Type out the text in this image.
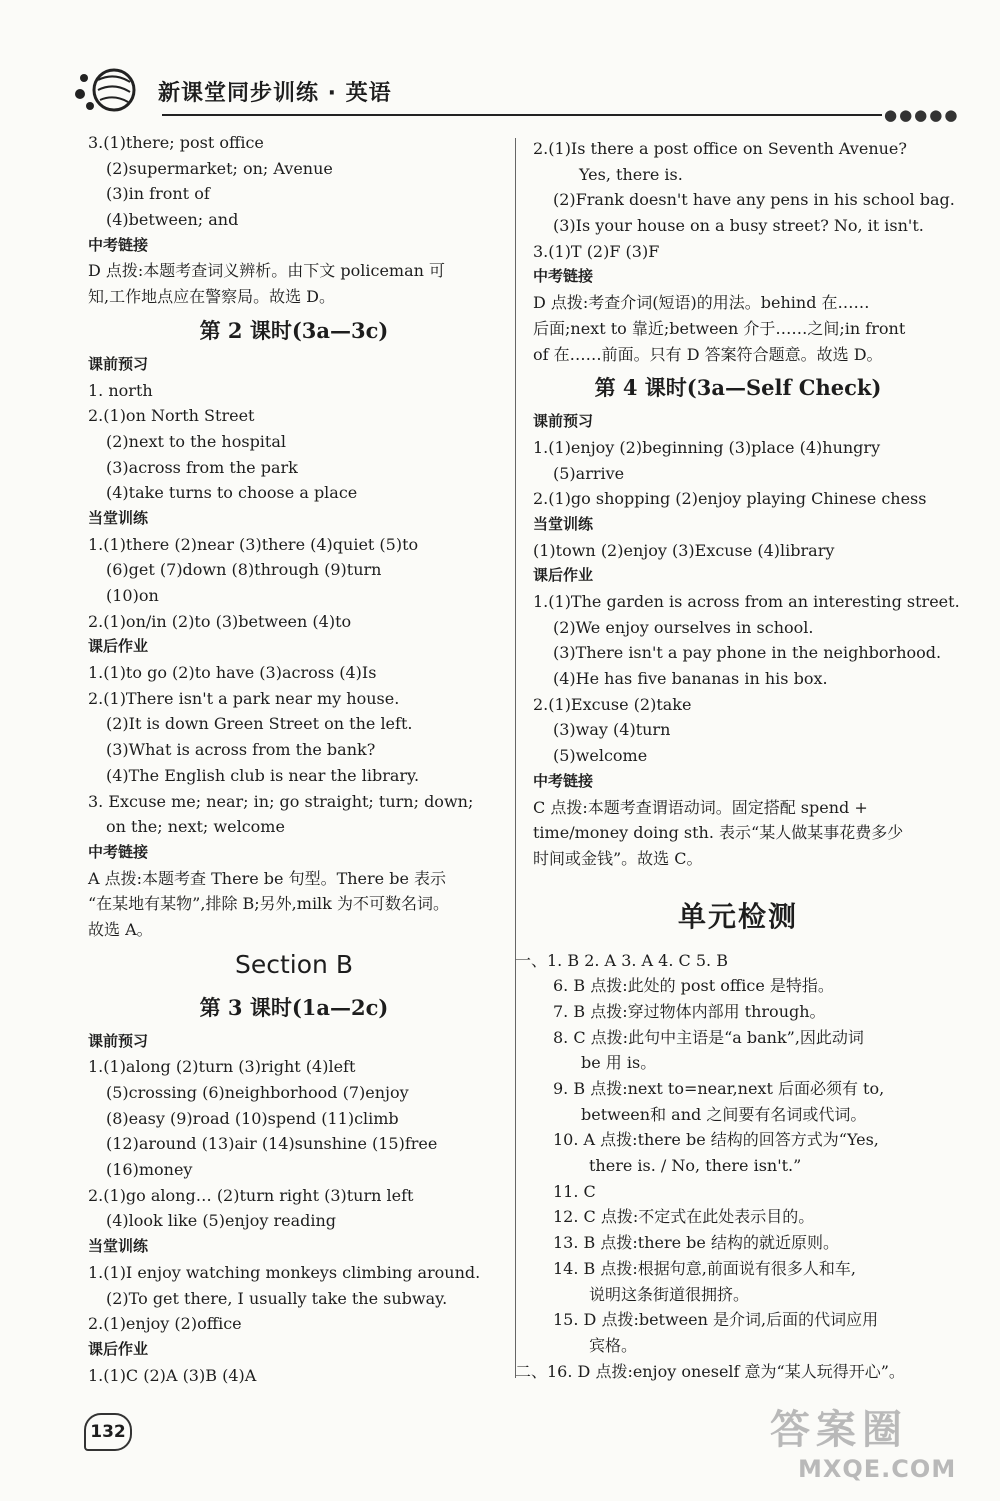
新课堂同步训练 · 英语
●●●●●
3.(1)there; post office
(2)supermarket; on; Avenue
(3)in front of
(4)between; and
中考链接
D 点拨:本题考查词义辨析。由下文 policeman 可
知,工作地点应在警察局。故选 D。
第 2 课时(3a—3c)
课前预习
1. north
2.(1)on North Street
(2)next to the hospital
(3)across from the park
(4)take turns to choose a place
当堂训练
1.(1)there (2)near (3)there (4)quiet (5)to
(6)get (7)down (8)through (9)turn
(10)on
2.(1)on/in (2)to (3)between (4)to
课后作业
1.(1)to go (2)to have (3)across (4)Is
2.(1)There isn't a park near my house.
(2)It is down Green Street on the left.
(3)What is across from the bank?
(4)The English club is near the library.
3. Excuse me; near; in; go straight; turn; down;
on the; next; welcome
中考链接
A 点拨:本题考查 There be 句型。There be 表示
“在某地有某物”,排除 B;另外,milk 为不可数名词。
故选 A。
Section B
第 3 课时(1a—2c)
课前预习
1.(1)along (2)turn (3)right (4)left
(5)crossing (6)neighborhood (7)enjoy
(8)easy (9)road (10)spend (11)climb
(12)around (13)air (14)sunshine (15)free
(16)money
2.(1)go along… (2)turn right (3)turn left
(4)look like (5)enjoy reading
当堂训练
1.(1)I enjoy watching monkeys climbing around.
(2)To get there, I usually take the subway.
2.(1)enjoy (2)office
课后作业
1.(1)C (2)A (3)B (4)A
2.(1)Is there a post office on Seventh Avenue?
Yes, there is.
(2)Frank doesn't have any pens in his school bag.
(3)Is your house on a busy street? No, it isn't.
3.(1)T (2)F (3)F
中考链接
D 点拨:考查介词(短语)的用法。behind 在……
后面;next to 靠近;between 介于……之间;in front
of 在……前面。只有 D 答案符合题意。故选 D。
第 4 课时(3a—Self Check)
课前预习
1.(1)enjoy (2)beginning (3)place (4)hungry
(5)arrive
2.(1)go shopping (2)enjoy playing Chinese chess
当堂训练
(1)town (2)enjoy (3)Excuse (4)library
课后作业
1.(1)The garden is across from an interesting street.
(2)We enjoy ourselves in school.
(3)There isn't a pay phone in the neighborhood.
(4)He has five bananas in his box.
2.(1)Excuse (2)take
(3)way (4)turn
(5)welcome
中考链接
C 点拨:本题考查谓语动词。固定搭配 spend +
time/money doing sth. 表示“某人做某事花费多少
时间或金钱”。故选 C。
单元检测
一、1. B 2. A 3. A 4. C 5. B
6. B 点拨:此处的 post office 是特指。
7. B 点拨:穿过物体内部用 through。
8. C 点拨:此句中主语是“a bank”,因此动词
be 用 is。
9. B 点拨:next to=near,next 后面必须有 to,
between和 and 之间要有名词或代词。
10. A 点拨:there be 结构的回答方式为“Yes,
there is. / No, there isn't.”
11. C
12. C 点拨:不定式在此处表示目的。
13. B 点拨:there be 结构的就近原则。
14. B 点拨:根据句意,前面说有很多人和车,
说明这条街道很拥挤。
15. D 点拨:between 是介词,后面的代词应用
宾格。
二、16. D 点拨:enjoy oneself 意为“某人玩得开心”。
132	答案圈
MXQE.COM
